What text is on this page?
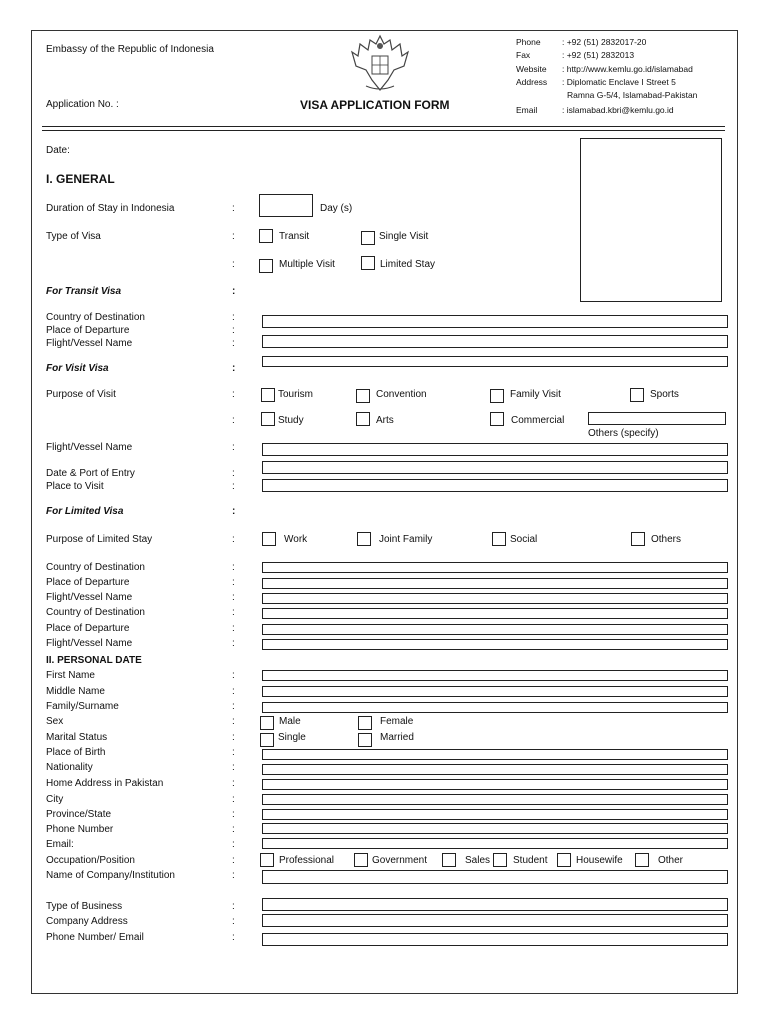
Embassy of the Republic of Indonesia
Application No. :	VISA APPLICATION FORM
Phone	: +92 (51) 2832017-20
Fax	: +92 (51) 2832013
Website : http://www.kemlu.go.id/islamabad
Address : Diplomatic Enclave I Street 5
Ramna G-5/4, Islamabad-Pakistan
Email	: islamabad.kbri@kemlu.go.id
Date:
I. GENERAL
Duration of Stay in Indonesia	:	Day (s)
Type of Visa	:	Transit	Single Visit
:	Multiple Visit	Limited Stay
For Transit Visa	:
Country of Destination	:
Place of Departure	:
Flight/Vessel Name	:
For Visit Visa	:
Purpose of Visit	:	Tourism	Convention	Family Visit	Sports
:	Study	Arts	Commercial
Others (specify)
Flight/Vessel Name	:
Date & Port of Entry	:
Place to Visit	:
For Limited Visa	:
Purpose of Limited Stay	:	Work	Joint Family	Social	Others
Country of Destination	:
Place of Departure	:
Flight/Vessel Name	:
Country of Destination	:
Place of Departure	:
Flight/Vessel Name	:
II. PERSONAL DATE
First Name	:
Middle Name	:
Family/Surname	:
Sex	:	Male	Female
Marital Status	:	Single	Married
Place of Birth	:
Nationality	:
Home Address in Pakistan	:
City	:
Province/State	:
Phone Number	:
Email:	:
Occupation/Position	:	Professional	Government	Sales Student	Housewife	Other
Name of Company/Institution	:
Type of Business	:
Company Address	:
Phone Number/ Email	:
